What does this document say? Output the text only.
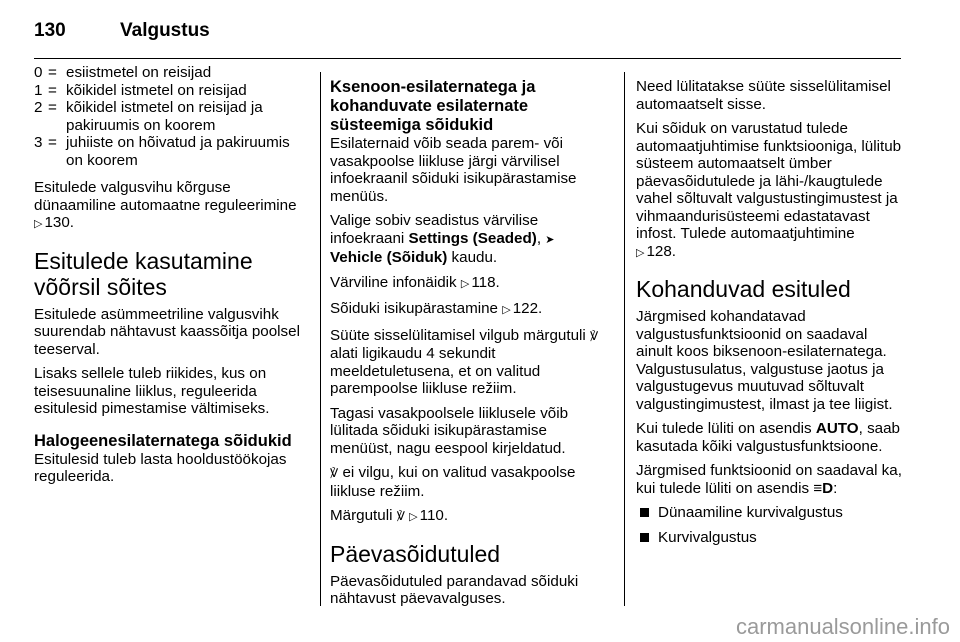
130	Valgustus
0 = esiistmetel on reisijad
1 = kõikidel istmetel on reisijad
2 = kõikidel istmetel on reisijad ja pakiruumis on koorem
3 = juhiiste on hõivatud ja pakiruumis on koorem

Esitulede valgusvihu kõrguse dünaamiline automaatne reguleerimine ▷ 130.

Esitulede kasutamine võõrsil sõites

Esitulede asümmeetriline valgusvihk suurendab nähtavust kaassõitja poolsel teeserval.

Lisaks sellele tuleb riikides, kus on teisesuunaline liiklus, reguleerida esitulesid pimestamise vältimiseks.

Halogeenesilaternatega sõidukid

Esitulesid tuleb lasta hooldustöökojas reguleerida.

Ksenoon-esilaternatega ja kohanduvate esilaternate süsteemiga sõidukid

Esilaternaid võib seada parem- või vasakpoolse liikluse järgi värvilisel infoekraanil sõiduki isikupärastamise menüüs.

Valige sobiv seadistus värvilise infoekraani Settings (Seaded), ➤
Vehicle (Sõiduk) kaudu.

Värviline infonäidik ▷ 118.

Sõiduki isikupärastamine ▷ 122.

Süüte sisselülitamisel vilgub märgutuli ℣ alati ligikaudu 4 sekundit meeldetuletusena, et on valitud parempoolse liikluse režiim.

Tagasi vasakpoolsele liiklusele võib lülitada sõiduki isikupärastamise menüüst, nagu eespool kirjeldatud.

℣ ei vilgu, kui on valitud vasakpoolse liikluse režiim.

Märgutuli ℣ ▷ 110.

Päevasõidutuled

Päevasõidutuled parandavad sõiduki nähtavust päevavalguses.

Need lülitatakse süüte sisselülitamisel automaatselt sisse.

Kui sõiduk on varustatud tulede automaatjuhtimise funktsiooniga, lülitub süsteem automaatselt ümber päevasõidutulede ja lähi-/kaugtulede vahel sõltuvalt valgustustingimustest ja vihmaandurisüsteemi edastatavast infost. Tulede automaatjuhtimine
▷ 128.

Kohanduvad esituled

Järgmised kohandatavad valgustusfunktsioonid on saadaval ainult koos biksenoon-esilaternatega. Valgustusulatus, valgustuse jaotus ja valgustugevus muutuvad sõltuvalt valgustingimustest, ilmast ja tee liigist.

Kui tulede lüliti on asendis AUTO, saab kasutada kõiki valgustusfunktsioone.

Järgmised funktsioonid on saadaval ka, kui tulede lüliti on asendis ≡D:

Dünaamiline kurvivalgustus
Kurvivalgustus
carmanualsonline.info
